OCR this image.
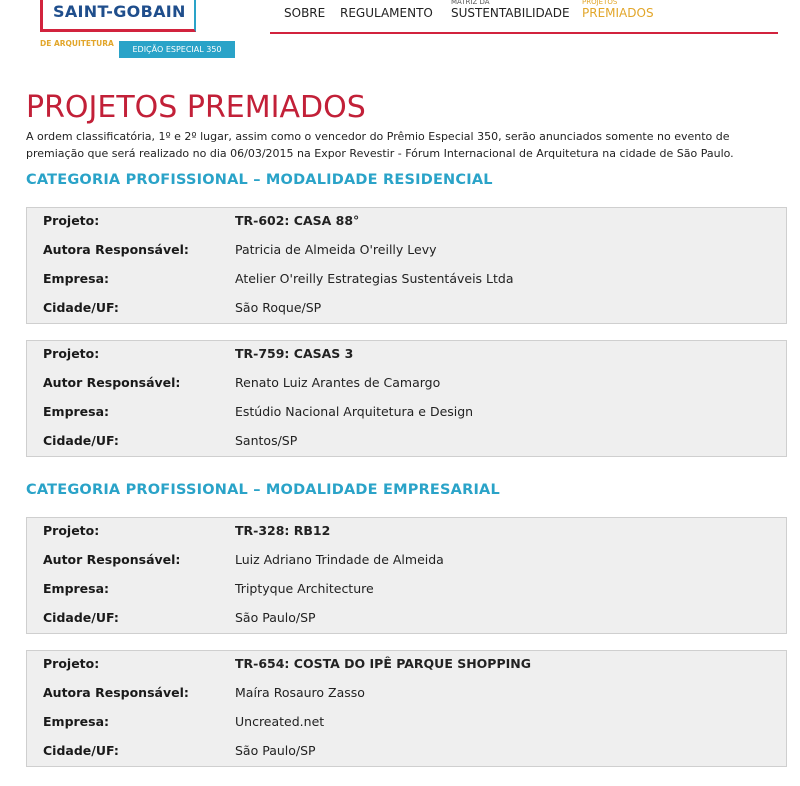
SAINT-GOBAIN
DE ARQUITETURA
EDIÇÃO ESPECIAL 350
SOBRE REGULAMENTO
MATRIZ DA
SUSTENTABILIDADE
PROJETOS
PREMIADOS
PROJETOS PREMIADOS

A ordem classificatória, 1º e 2º lugar, assim como o vencedor do Prêmio Especial 350, serão anunciados somente no evento de premiação que será realizado no dia 06/03/2015 na Expor Revestir - Fórum Internacional de Arquitetura na cidade de São Paulo.

CATEGORIA PROFISSIONAL – MODALIDADE RESIDENCIAL
Projeto:	TR-602: CASA 88°
Autora Responsável:	Patricia de Almeida O'reilly Levy
Empresa:	Atelier O'reilly Estrategias Sustentáveis Ltda
Cidade/UF:	São Roque/SP
Projeto:	TR-759: CASAS 3
Autor Responsável:	Renato Luiz Arantes de Camargo
Empresa:	Estúdio Nacional Arquitetura e Design
Cidade/UF:	Santos/SP
CATEGORIA PROFISSIONAL – MODALIDADE EMPRESARIAL
Projeto:	TR-328: RB12
Autor Responsável:	Luiz Adriano Trindade de Almeida
Empresa:	Triptyque Architecture
Cidade/UF:	São Paulo/SP
Projeto:	TR-654: COSTA DO IPÊ PARQUE SHOPPING
Autora Responsável:	Maíra Rosauro Zasso
Empresa:	Uncreated.net
Cidade/UF:	São Paulo/SP
